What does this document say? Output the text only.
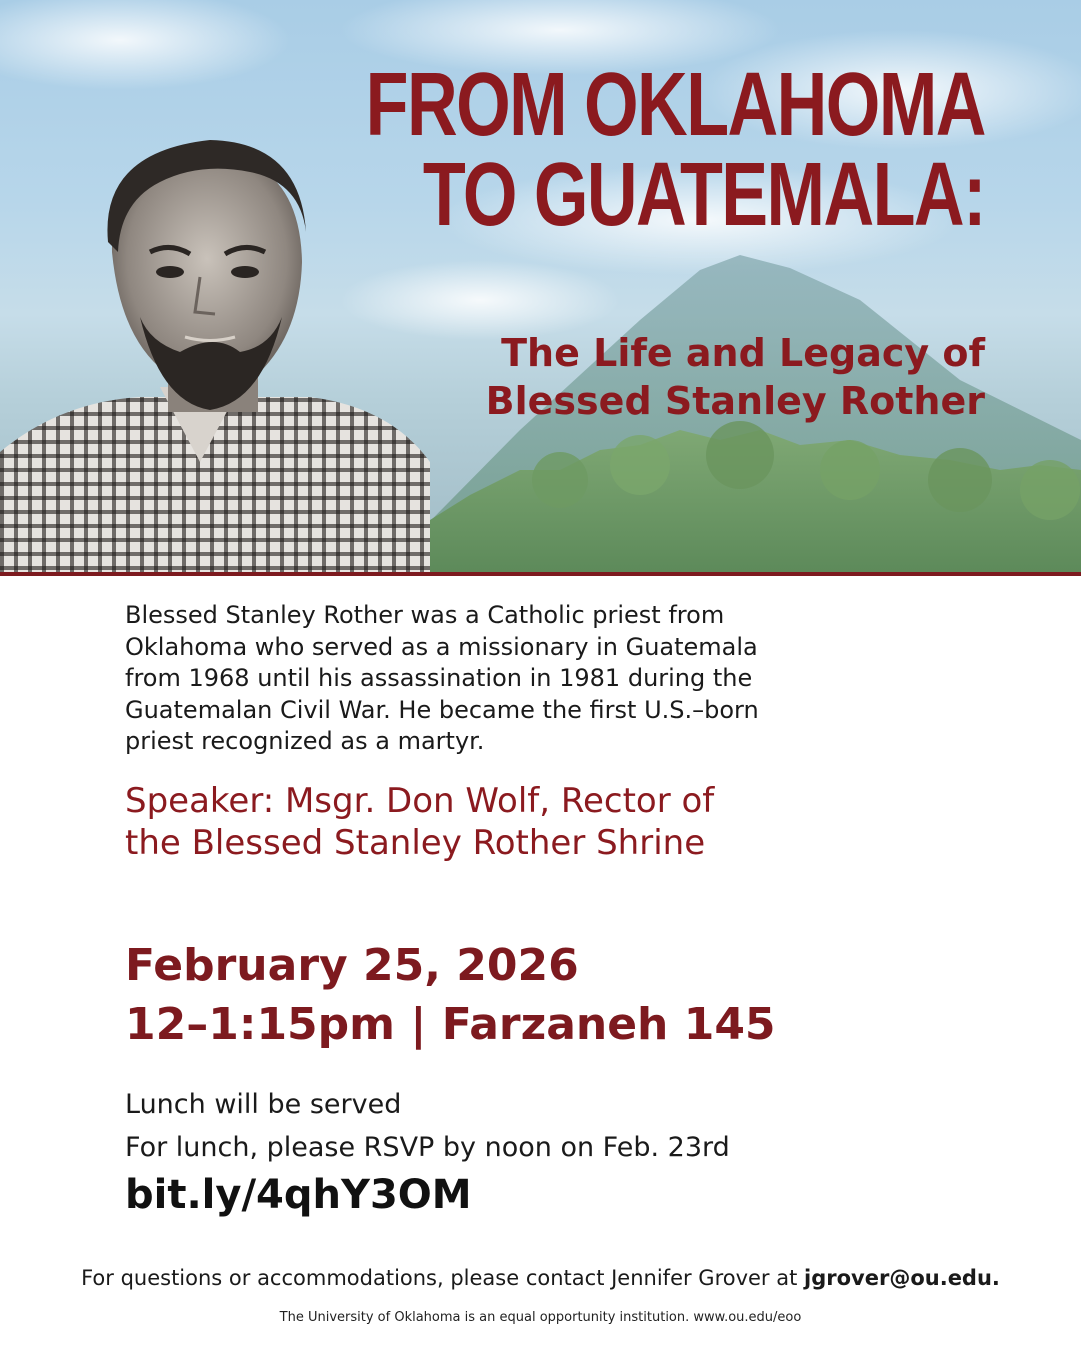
FROM OKLAHOMA
TO GUATEMALA:
The Life and Legacy of
Blessed Stanley Rother
Blessed Stanley Rother was a Catholic priest from
Oklahoma who served as a missionary in Guatemala
from 1968 until his assassination in 1981 during the
Guatemalan Civil War. He became the first U.S.–born
priest recognized as a martyr.
Speaker: Msgr. Don Wolf, Rector of
the Blessed Stanley Rother Shrine
February 25, 2026
12–1:15pm | Farzaneh 145
Lunch will be served
For lunch, please RSVP by noon on Feb. 23rd
bit.ly/4qhY3OM
For questions or accommodations, please contact Jennifer Grover at jgrover@ou.edu.
The University of Oklahoma is an equal opportunity institution. www.ou.edu/eoo
